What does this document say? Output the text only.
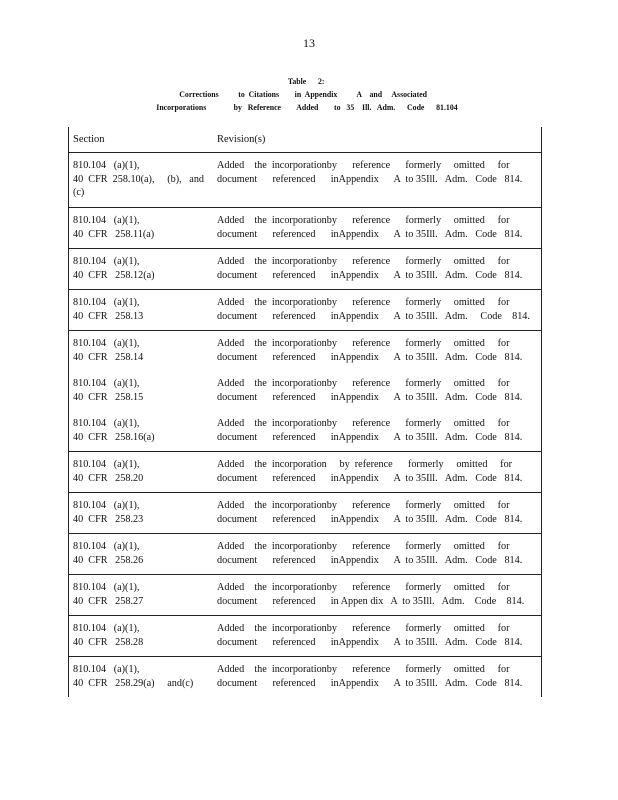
13
Table      2:
Corrections          to  Citations        in  Appendix          A    and     Associated
Incorporations              by   Reference        Added        to   35    Ill.   Adm.      Code      81.104
Section	Revision(s)
810.104   (a)(1),
40  CFR  258.10(a),     (b),   and
(c)
Added    the  incorporationby      reference      formerly     omitted     for
document      referenced      inAppendix      A  to 35Ill.   Adm.   Code   814.
810.104   (a)(1),
40  CFR   258.11(a)
Added    the  incorporationby      reference      formerly     omitted     for
document      referenced      inAppendix      A  to 35Ill.   Adm.   Code   814.
810.104   (a)(1),
40  CFR   258.12(a)
Added    the  incorporationby      reference      formerly     omitted     for
document      referenced      inAppendix      A  to 35Ill.   Adm.   Code   814.
810.104   (a)(1),
40  CFR   258.13
Added    the  incorporationby      reference      formerly     omitted     for
document      referenced      inAppendix      A  to 35Ill.   Adm.     Code    814.
810.104   (a)(1),
40  CFR   258.14
Added    the  incorporationby      reference      formerly     omitted     for
document      referenced      inAppendix      A  to 35Ill.   Adm.   Code   814.
810.104   (a)(1),
40  CFR   258.15
Added    the  incorporationby      reference      formerly     omitted     for
document      referenced      inAppendix      A  to 35Ill.   Adm.   Code   814.
810.104   (a)(1),
40  CFR   258.16(a)
Added    the  incorporationby      reference      formerly     omitted     for
document      referenced      inAppendix      A  to 35Ill.   Adm.   Code   814.
810.104   (a)(1),
40  CFR   258.20
Added    the  incorporation     by  reference      formerly     omitted     for
document      referenced      inAppendix      A  to 35Ill.   Adm.   Code   814.
810.104   (a)(1),
40  CFR   258.23
Added    the  incorporationby      reference      formerly     omitted     for
document      referenced      inAppendix      A  to 35Ill.   Adm.   Code   814.
810.104   (a)(1),
40  CFR   258.26
Added    the  incorporationby      reference      formerly     omitted     for
document      referenced      inAppendix      A  to 35Ill.   Adm.   Code   814.
810.104   (a)(1),
40  CFR   258.27
Added    the  incorporationby      reference      formerly     omitted     for
document      referenced      in Appen dix   A  to 35Ill.   Adm.    Code    814.
810.104   (a)(1),
40  CFR   258.28
Added    the  incorporationby      reference      formerly     omitted     for
document      referenced      inAppendix      A  to 35Ill.   Adm.   Code   814.
810.104   (a)(1),
40  CFR   258.29(a)     and(c)
Added    the  incorporationby      reference      formerly     omitted     for
document      referenced      inAppendix      A  to 35Ill.   Adm.   Code   814.
